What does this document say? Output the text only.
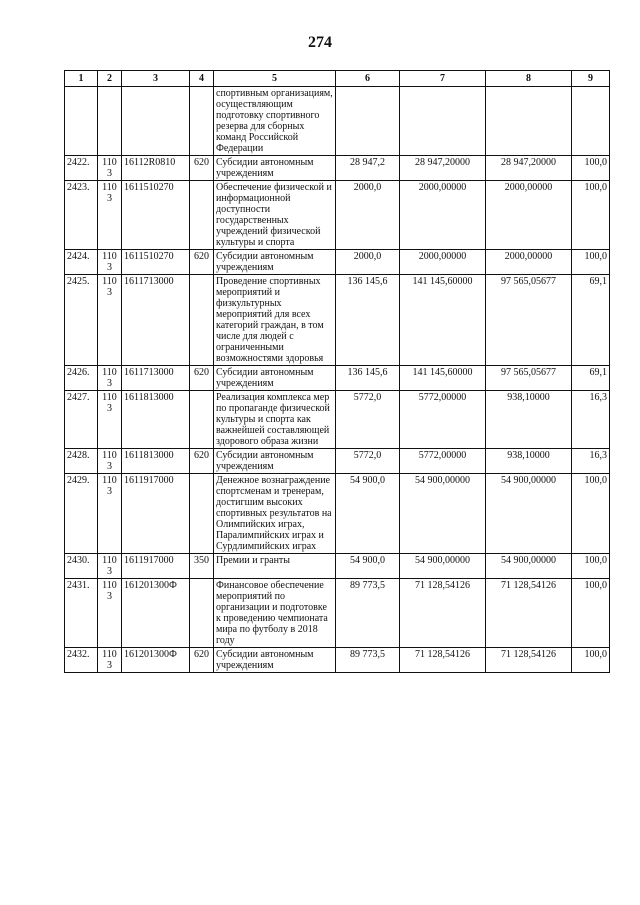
274
1	2	3	4	5	6	7	8	9
				спортивным организациям, осуществляющим подготовку спортивного резерва для сборных команд Российской Федерации				
2422.	1103	16112R0810	620	Субсидии автономным учреждениям	28 947,2	28 947,20000	28 947,20000	100,0
2423.	1103	1611510270		Обеспечение физической и информационной доступности государственных учреждений физической культуры и спорта	2000,0	2000,00000	2000,00000	100,0
2424.	1103	1611510270	620	Субсидии автономным учреждениям	2000,0	2000,00000	2000,00000	100,0
2425.	1103	1611713000		Проведение спортивных мероприятий и физкультурных мероприятий для всех категорий граждан, в том числе для людей с ограниченными возможностями здоровья	136 145,6	141 145,60000	97 565,05677	69,1
2426.	1103	1611713000	620	Субсидии автономным учреждениям	136 145,6	141 145,60000	97 565,05677	69,1
2427.	1103	1611813000		Реализация комплекса мер по пропаганде физической культуры и спорта как важнейшей составляющей здорового образа жизни	5772,0	5772,00000	938,10000	16,3
2428.	1103	1611813000	620	Субсидии автономным учреждениям	5772,0	5772,00000	938,10000	16,3
2429.	1103	1611917000		Денежное вознаграждение спортсменам и тренерам, достигшим высоких спортивных результатов на Олимпийских играх, Паралимпийских играх и Сурдлимпийских играх	54 900,0	54 900,00000	54 900,00000	100,0
2430.	1103	1611917000	350	Премии и гранты	54 900,0	54 900,00000	54 900,00000	100,0
2431.	1103	161201300Ф		Финансовое обеспечение мероприятий по организации и подготовке к проведению чемпионата мира по футболу в 2018 году	89 773,5	71 128,54126	71 128,54126	100,0
2432.	1103	161201300Ф	620	Субсидии автономным учреждениям	89 773,5	71 128,54126	71 128,54126	100,0
